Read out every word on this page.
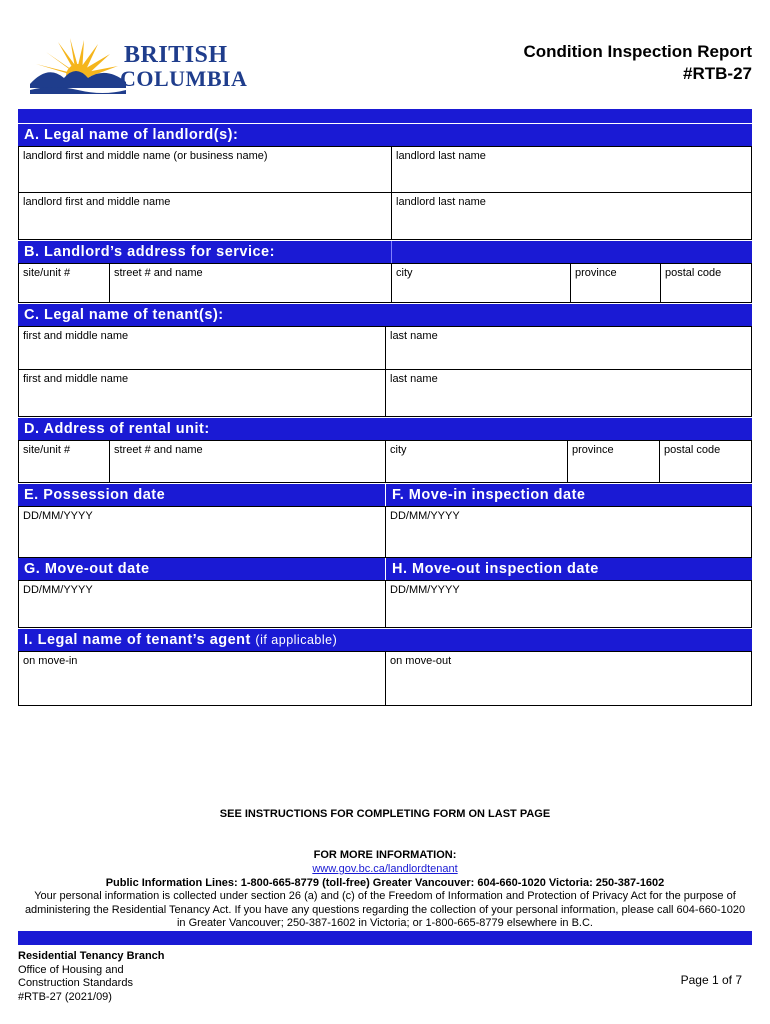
BRITISH
COLUMBIA
Condition Inspection Report
#RTB-27
A. Legal name of landlord(s):
landlord first and middle name (or business name)	landlord last name
landlord first and middle name	landlord last name
B. Landlord’s address for service:
site/unit #	street # and name	city	province	postal code
C. Legal name of tenant(s):
first and middle name	last name
first and middle name	last name
D. Address of rental unit:
site/unit #	street # and name	city	province	postal code
E. Possession date	F. Move-in inspection date
DD/MM/YYYY	DD/MM/YYYY
G. Move-out date	H. Move-out inspection date
DD/MM/YYYY	DD/MM/YYYY
I. Legal name of tenant’s agent (if applicable)
on move-in	on move-out
SEE INSTRUCTIONS FOR COMPLETING FORM ON LAST PAGE
FOR MORE INFORMATION:
www.gov.bc.ca/landlordtenant
Public Information Lines: 1-800-665-8779 (toll-free) Greater Vancouver: 604-660-1020 Victoria: 250-387-1602
Your personal information is collected under section 26 (a) and (c) of the Freedom of Information and Protection of Privacy Act for the purpose of
administering the Residential Tenancy Act. If you have any questions regarding the collection of your personal information, please call 604-660-1020
in Greater Vancouver; 250-387-1602 in Victoria; or 1-800-665-8779 elsewhere in B.C.
Residential Tenancy Branch
Office of Housing and
Construction Standards
#RTB-27 (2021/09)
Page 1 of 7
